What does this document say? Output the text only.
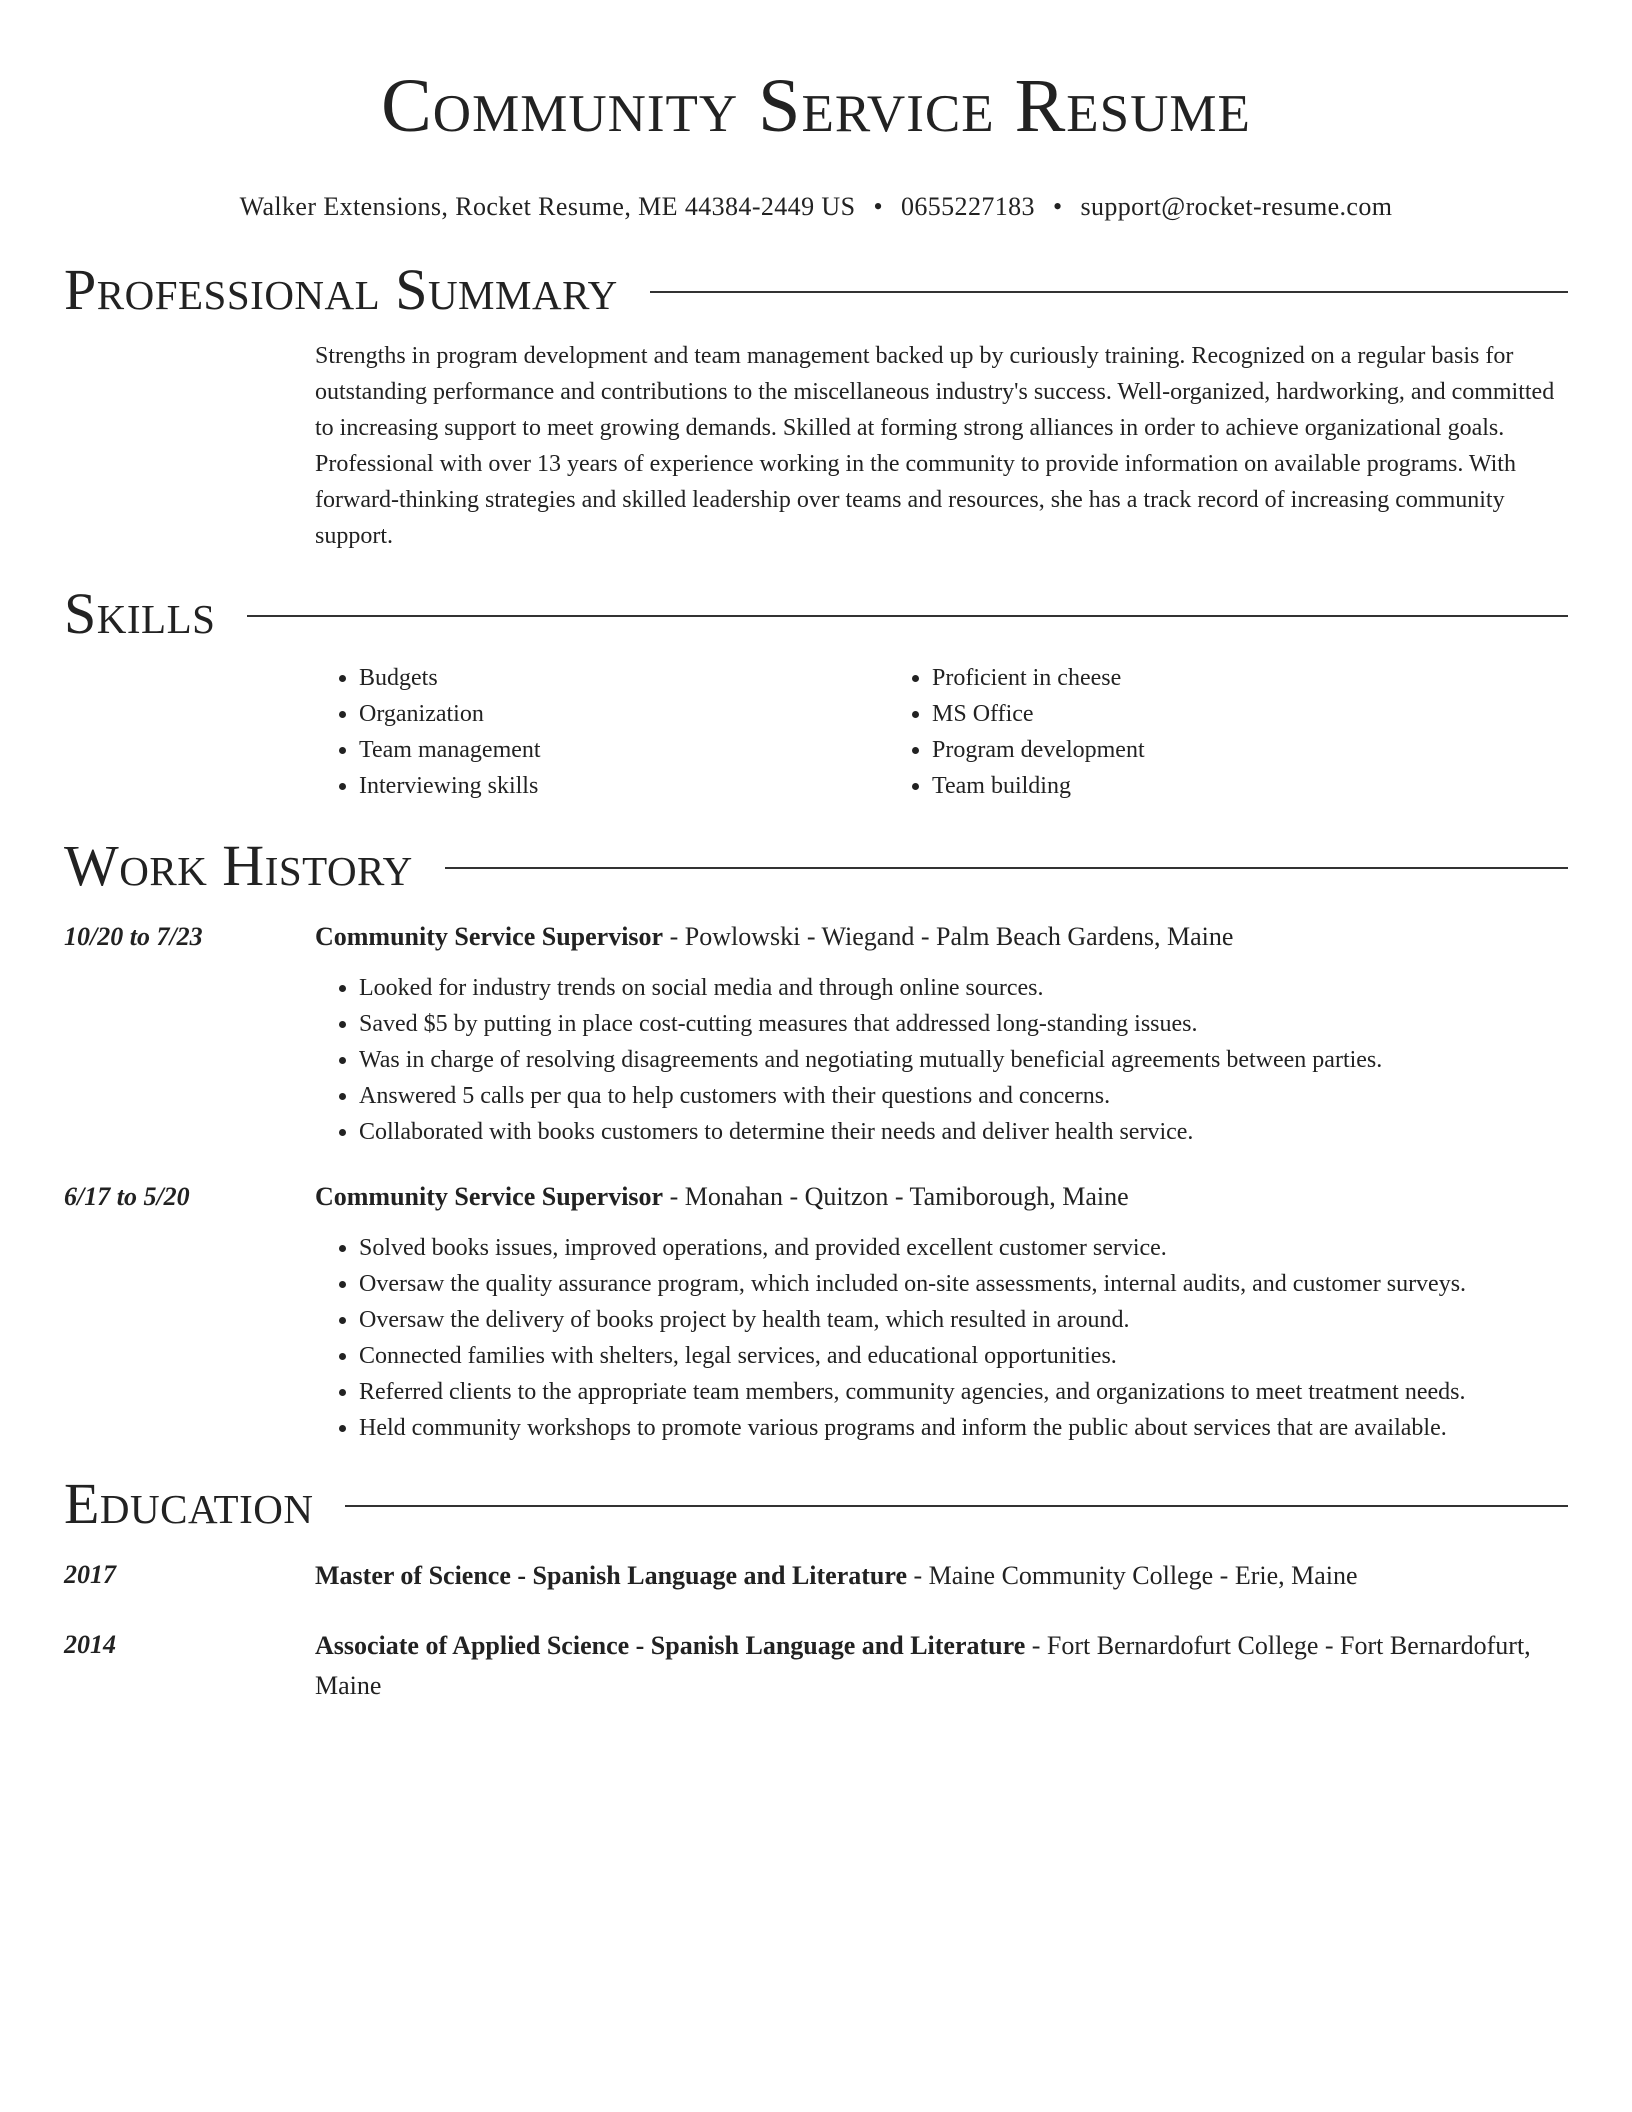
Community Service Resume
Walker Extensions, Rocket Resume, ME 44384-2449 US • 0655227183 • support@rocket-resume.com
Professional Summary

Strengths in program development and team management backed up by curiously training. Recognized on a regular basis for outstanding performance and contributions to the miscellaneous industry's success. Well-organized, hardworking, and committed to increasing support to meet growing demands. Skilled at forming strong alliances in order to achieve organizational goals. Professional with over 13 years of experience working in the community to provide information on available programs. With forward-thinking strategies and skilled leadership over teams and resources, she has a track record of increasing community support.

Skills
• Budgets
• Organization
• Team management
• Interviewing skills
• Proficient in cheese
• MS Office
• Program development
• Team building
Work History
10/20 to 7/23	Community Service Supervisor - Powlowski - Wiegand - Palm Beach Gardens, Maine
• Looked for industry trends on social media and through online sources.
• Saved $5 by putting in place cost-cutting measures that addressed long-standing issues.
• Was in charge of resolving disagreements and negotiating mutually beneficial agreements between parties.
• Answered 5 calls per qua to help customers with their questions and concerns.
• Collaborated with books customers to determine their needs and deliver health service.
6/17 to 5/20	Community Service Supervisor - Monahan - Quitzon - Tamiborough, Maine
• Solved books issues, improved operations, and provided excellent customer service.
• Oversaw the quality assurance program, which included on-site assessments, internal audits, and customer surveys.
• Oversaw the delivery of books project by health team, which resulted in around.
• Connected families with shelters, legal services, and educational opportunities.
• Referred clients to the appropriate team members, community agencies, and organizations to meet treatment needs.
• Held community workshops to promote various programs and inform the public about services that are available.
Education
2017	Master of Science - Spanish Language and Literature - Maine Community College - Erie, Maine
2014	Associate of Applied Science - Spanish Language and Literature - Fort Bernardofurt College - Fort Bernardofurt, Maine
